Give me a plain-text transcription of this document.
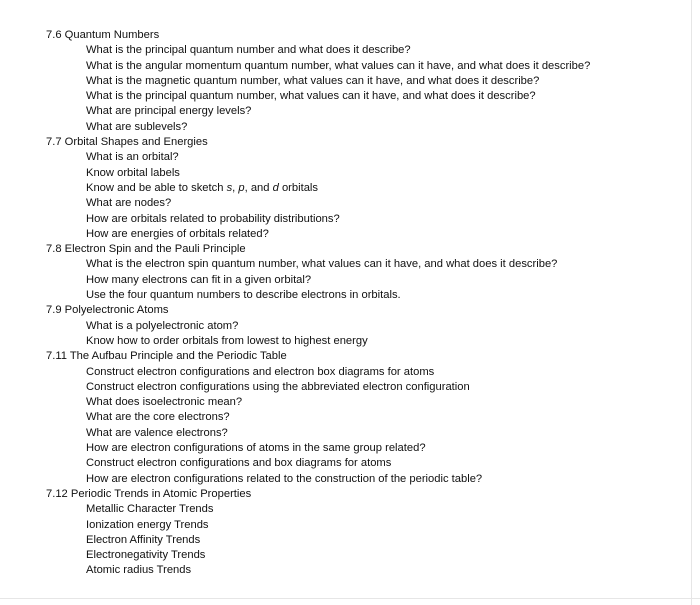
7.6 Quantum Numbers
What is the principal quantum number and what does it describe?
What is the angular momentum quantum number, what values can it have, and what does it describe?
What is the magnetic quantum number, what values can it have, and what does it describe?
What is the principal quantum number, what values can it have, and what does it describe?
What are principal energy levels?
What are sublevels?
7.7 Orbital Shapes and Energies
What is an orbital?
Know orbital labels
Know and be able to sketch s, p, and d orbitals
What are nodes?
How are orbitals related to probability distributions?
How are energies of orbitals related?
7.8 Electron Spin and the Pauli Principle
What is the electron spin quantum number, what values can it have, and what does it describe?
How many electrons can fit in a given orbital?
Use the four quantum numbers to describe electrons in orbitals.
7.9 Polyelectronic Atoms
What is a polyelectronic atom?
Know how to order orbitals from lowest to highest energy
7.11 The Aufbau Principle and the Periodic Table
Construct electron configurations and electron box diagrams for atoms
Construct electron configurations using the abbreviated electron configuration
What does isoelectronic mean?
What are the core electrons?
What are valence electrons?
How are electron configurations of atoms in the same group related?
Construct electron configurations and box diagrams for atoms
How are electron configurations related to the construction of the periodic table?
7.12 Periodic Trends in Atomic Properties
Metallic Character Trends
Ionization energy Trends
Electron Affinity Trends
Electronegativity Trends
Atomic radius Trends
